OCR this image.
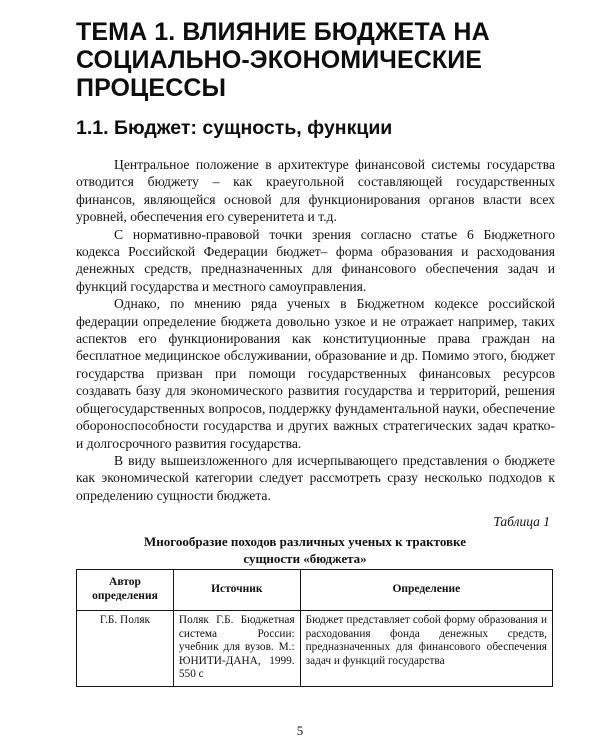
ТЕМА 1. ВЛИЯНИЕ БЮДЖЕТА НА СОЦИАЛЬНО-ЭКОНОМИЧЕСКИЕ ПРОЦЕССЫ
1.1. Бюджет: сущность, функции

Центральное положение в архитектуре финансовой системы государства отводится бюджету – как краеугольной составляющей государственных финансов, являющейся основой для функционирования органов власти всех уровней, обеспечения его суверенитета и т.д.

С нормативно-правовой точки зрения согласно статье 6 Бюджетного кодекса Российской Федерации бюджет– форма образования и расходования денежных средств, предназначенных для финансового обеспечения задач и функций государства и местного самоуправления.

Однако, по мнению ряда ученых в Бюджетном кодексе российской федерации определение бюджета довольно узкое и не отражает например, таких аспектов его функционирования как конституционные права граждан на бесплатное медицинское обслуживании, образование и др. Помимо этого, бюджет государства призван при помощи государственных финансовых ресурсов создавать базу для экономического развития государства и территорий, решения общегосударственных вопросов, поддержку фундаментальной науки, обеспечение обороноспособности государства и других важных стратегических задач кратко- и долгосрочного развития государства.

В виду вышеизложенного для исчерпывающего представления о бюджете как экономической категории следует рассмотреть сразу несколько подходов к определению сущности бюджета.

Таблица 1
Многообразие походов различных ученых к трактовке сущности «бюджета»
Автор определения	Источник	Определение
Г.Б. Поляк	Поляк Г.Б. Бюджетная система России: учебник для вузов. М.: ЮНИТИ-ДАНА, 1999. 550 с	Бюджет представляет собой форму образования и расходования фонда денежных средств, предназначенных для финансового обеспечения задач и функций государства
5
